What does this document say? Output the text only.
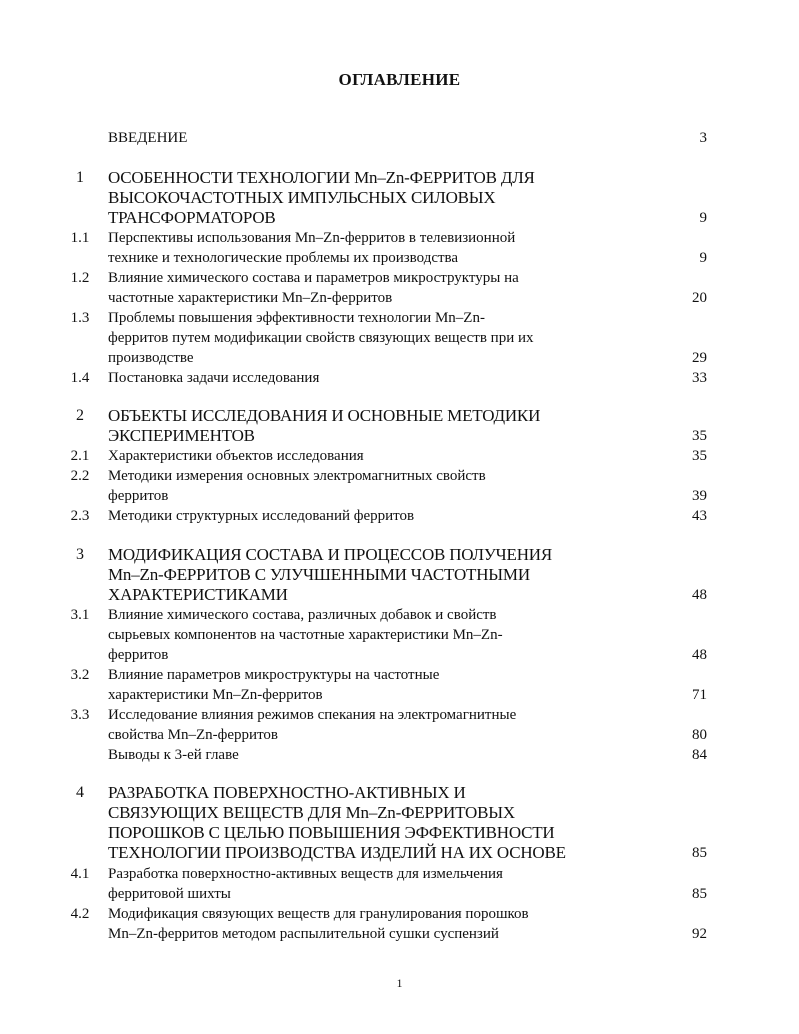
ОГЛАВЛЕНИЕ
ВВЕДЕНИЕ	3
1	ОСОБЕННОСТИ ТЕХНОЛОГИИ Mn–Zn-ФЕРРИТОВ ДЛЯ
ВЫСОКОЧАСТОТНЫХ ИМПУЛЬСНЫХ СИЛОВЫХ
ТРАНСФОРМАТОРОВ	9
1.1	Перспективы использования Mn–Zn-ферритов в телевизионной
технике и технологические проблемы их производства	9
1.2	Влияние химического состава и параметров микроструктуры на
частотные характеристики Mn–Zn-ферритов	20
1.3	Проблемы повышения эффективности технологии Mn–Zn-
ферритов путем модификации свойств связующих веществ при их
производстве	29
1.4	Постановка задачи исследования	33
2	ОБЪЕКТЫ ИССЛЕДОВАНИЯ И ОСНОВНЫЕ МЕТОДИКИ
ЭКСПЕРИМЕНТОВ	35
2.1	Характеристики объектов исследования	35
2.2	Методики измерения основных электромагнитных свойств
ферритов	39
2.3	Методики структурных исследований ферритов	43
3	МОДИФИКАЦИЯ СОСТАВА И ПРОЦЕССОВ ПОЛУЧЕНИЯ
Mn–Zn-ФЕРРИТОВ С УЛУЧШЕННЫМИ ЧАСТОТНЫМИ
ХАРАКТЕРИСТИКАМИ	48
3.1	Влияние химического состава, различных добавок и свойств
сырьевых компонентов на частотные характеристики Mn–Zn-
ферритов	48
3.2	Влияние параметров микроструктуры на частотные
характеристики Mn–Zn-ферритов	71
3.3	Исследование влияния режимов спекания на электромагнитные
свойства Mn–Zn-ферритов	80
Выводы к 3-ей главе	84
4	РАЗРАБОТКА ПОВЕРХНОСТНО-АКТИВНЫХ И
СВЯЗУЮЩИХ ВЕЩЕСТВ ДЛЯ Mn–Zn-ФЕРРИТОВЫХ
ПОРОШКОВ С ЦЕЛЬЮ ПОВЫШЕНИЯ ЭФФЕКТИВНОСТИ
ТЕХНОЛОГИИ ПРОИЗВОДСТВА ИЗДЕЛИЙ НА ИХ ОСНОВЕ	85
4.1	Разработка поверхностно-активных веществ для измельчения
ферритовой шихты	85
4.2	Модификация связующих веществ для гранулирования порошков
Mn–Zn-ферритов методом распылительной сушки суспензий	92
1
